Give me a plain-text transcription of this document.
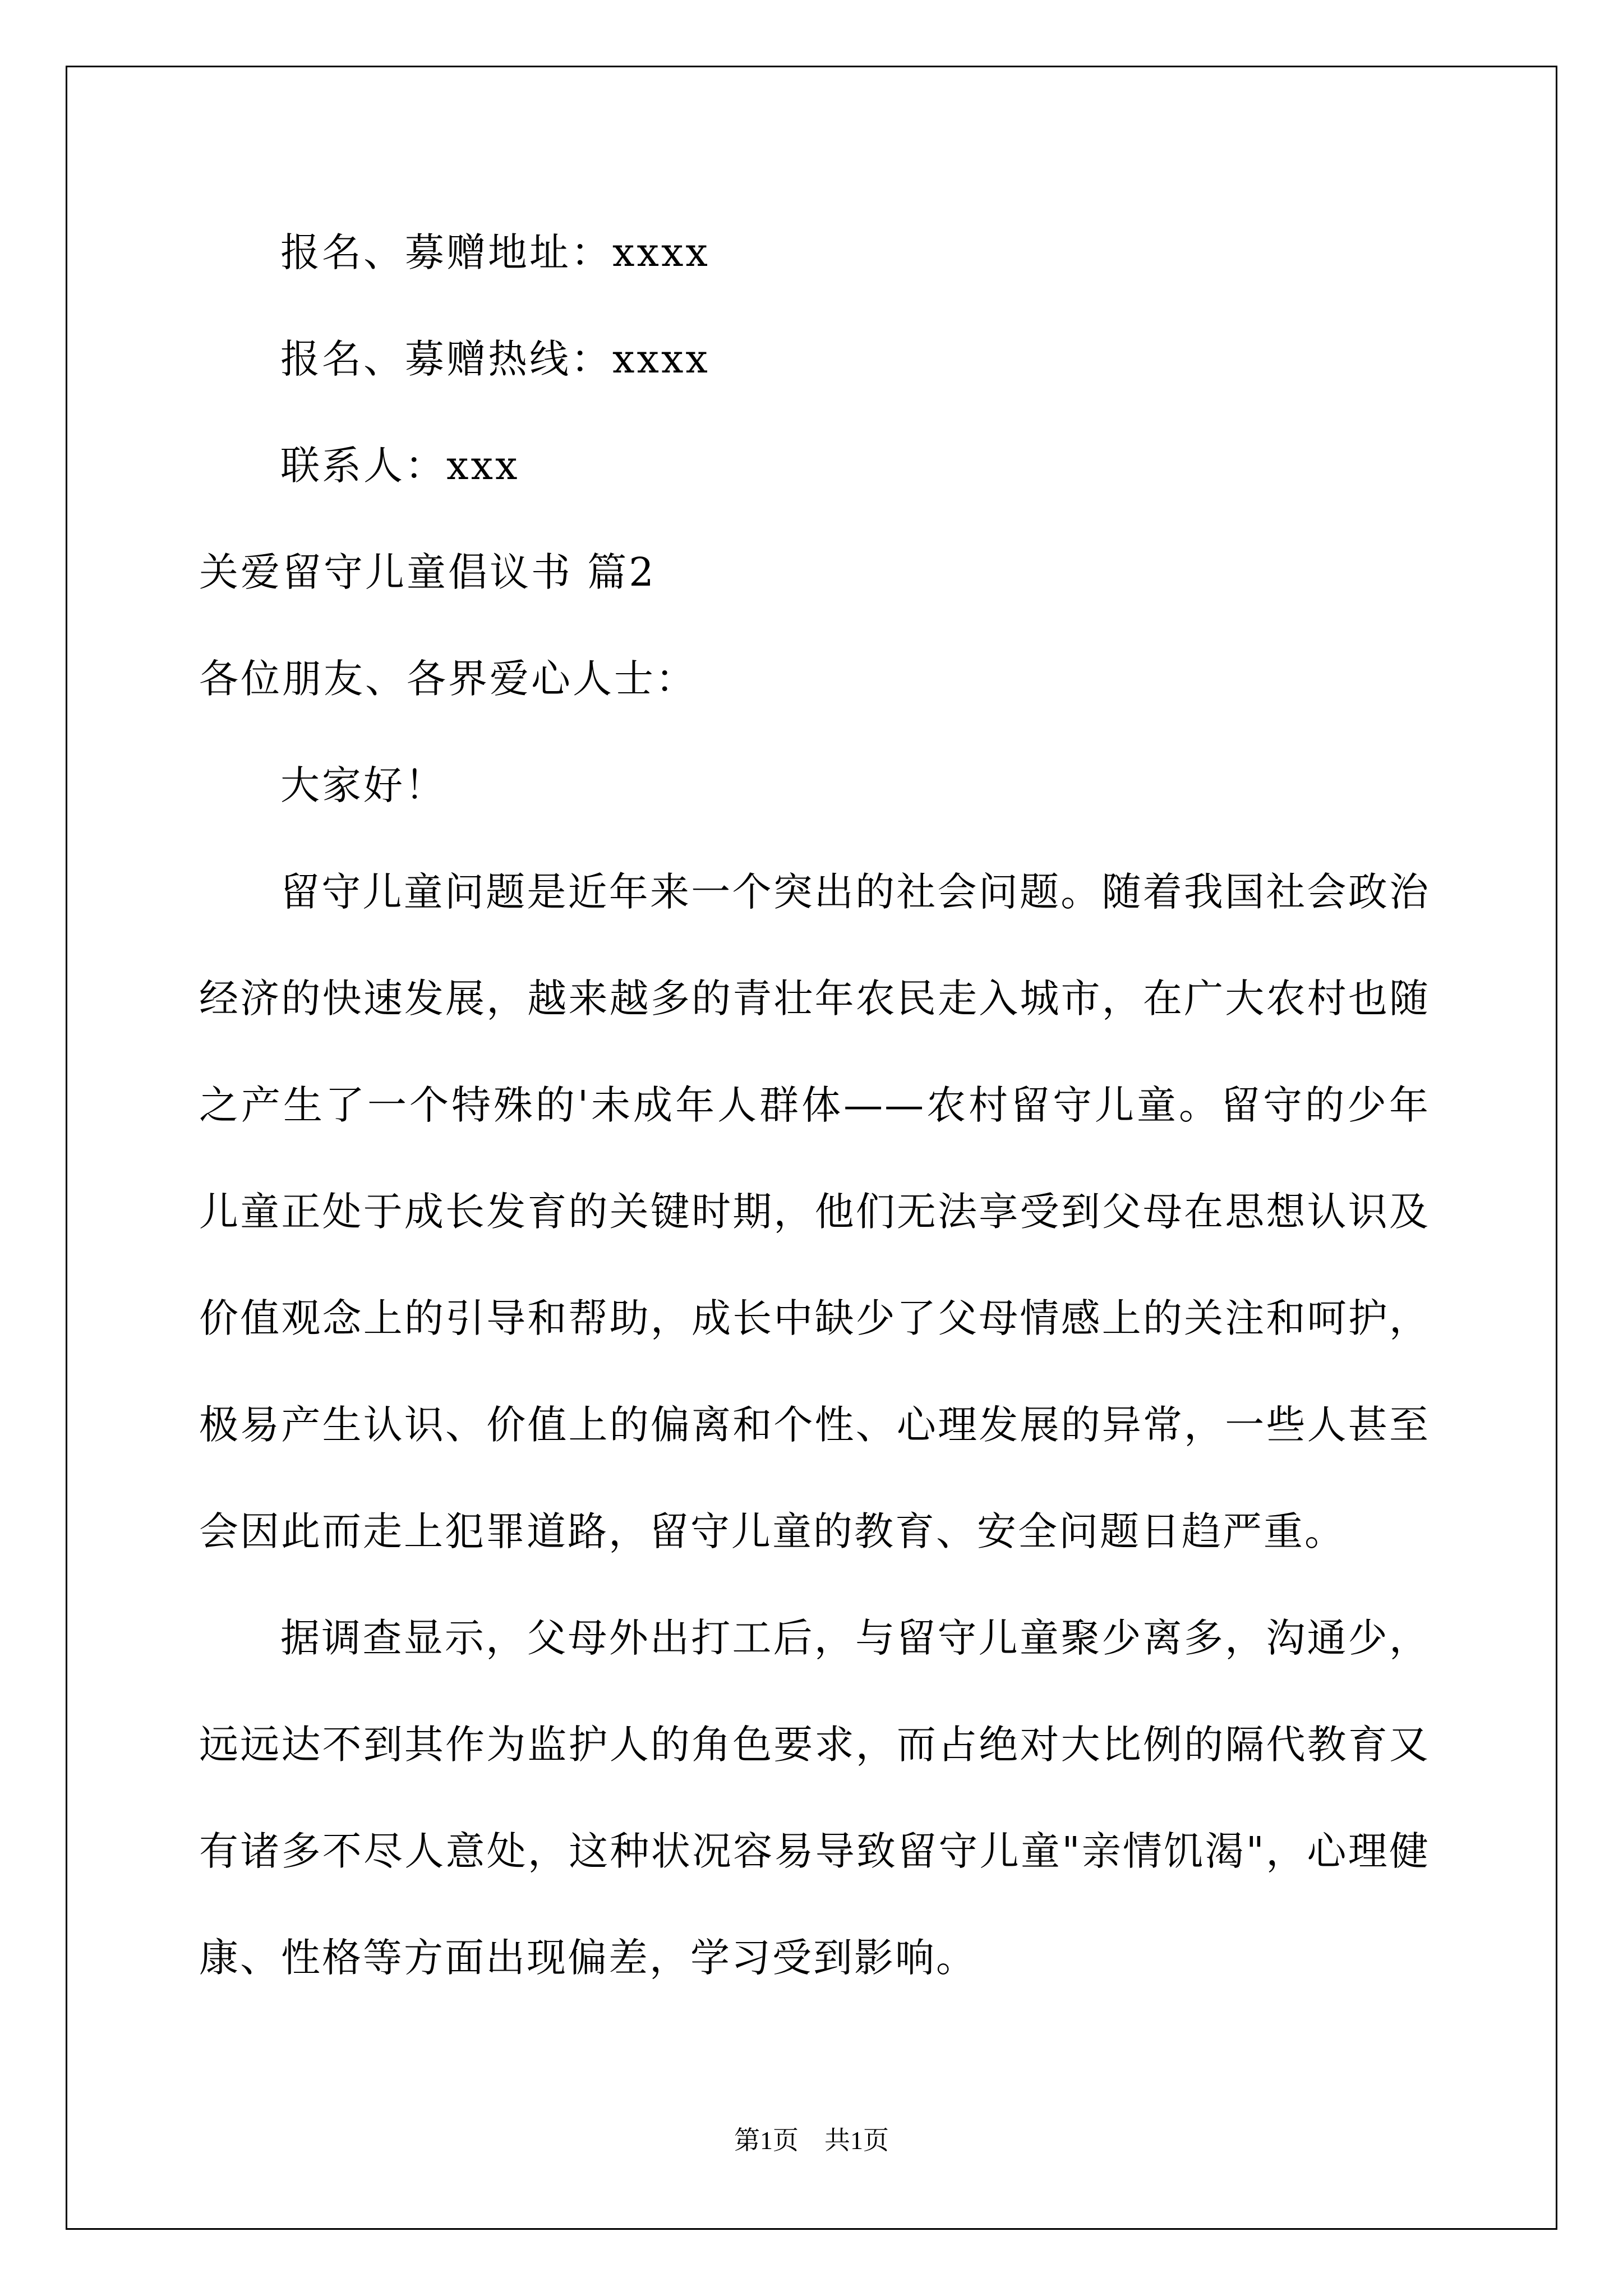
报名、募赠地址：xxxx
报名、募赠热线：xxxx
联系人：xxx
关爱留守儿童倡议书 篇2
各位朋友、各界爱心人士：
大家好！

留守儿童问题是近年来一个突出的社会问题。随着我国社会政治经济的快速发展，越来越多的青壮年农民走入城市，在广大农村也随之产生了一个特殊的'未成年人群体——农村留守儿童。留守的少年儿童正处于成长发育的关键时期，他们无法享受到父母在思想认识及价值观念上的引导和帮助，成长中缺少了父母情感上的关注和呵护，极易产生认识、价值上的偏离和个性、心理发展的异常，一些人甚至会因此而走上犯罪道路，留守儿童的教育、安全问题日趋严重。

据调查显示，父母外出打工后，与留守儿童聚少离多，沟通少，远远达不到其作为监护人的角色要求，而占绝对大比例的隔代教育又有诸多不尽人意处，这种状况容易导致留守儿童"亲情饥渴"，心理健康、性格等方面出现偏差，学习受到影响。

第1页　共1页
